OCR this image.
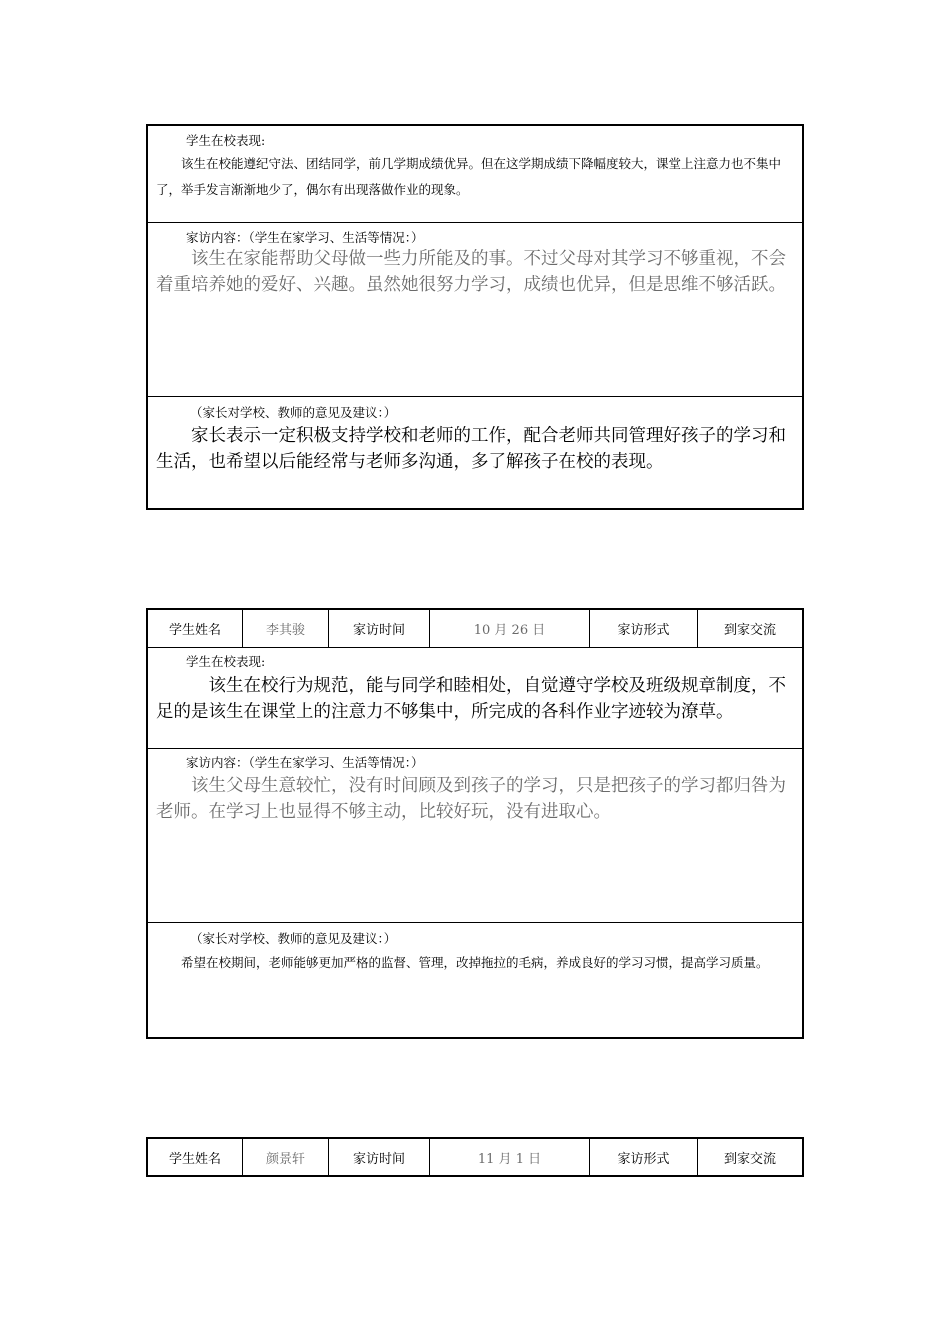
学生在校表现:
该生在校能遵纪守法、团结同学，前几学期成绩优异。但在这学期成绩下降幅度较大，课堂上注意力也不集中了，举手发言渐渐地少了，偶尔有出现落做作业的现象。
家访内容：（学生在家学习、生活等情况：）
该生在家能帮助父母做一些力所能及的事。不过父母对其学习不够重视，不会着重培养她的爱好、兴趣。虽然她很努力学习，成绩也优异，但是思维不够活跃。
（家长对学校、教师的意见及建议：）
家长表示一定积极支持学校和老师的工作，配合老师共同管理好孩子的学习和生活，也希望以后能经常与老师多沟通，多了解孩子在校的表现。
学生姓名	李其骏	家访时间	10 月 26 日	家访形式	到家交流
学生在校表现:
该生在校行为规范，能与同学和睦相处，自觉遵守学校及班级规章制度，不足的是该生在课堂上的注意力不够集中，所完成的各科作业字迹较为潦草。
家访内容：（学生在家学习、生活等情况：）
该生父母生意较忙，没有时间顾及到孩子的学习，只是把孩子的学习都归咎为老师。在学习上也显得不够主动，比较好玩，没有进取心。
（家长对学校、教师的意见及建议：）
希望在校期间，老师能够更加严格的监督、管理，改掉拖拉的毛病，养成良好的学习习惯，提高学习质量。
学生姓名	颜景轩	家访时间	11 月 1 日	家访形式	到家交流
